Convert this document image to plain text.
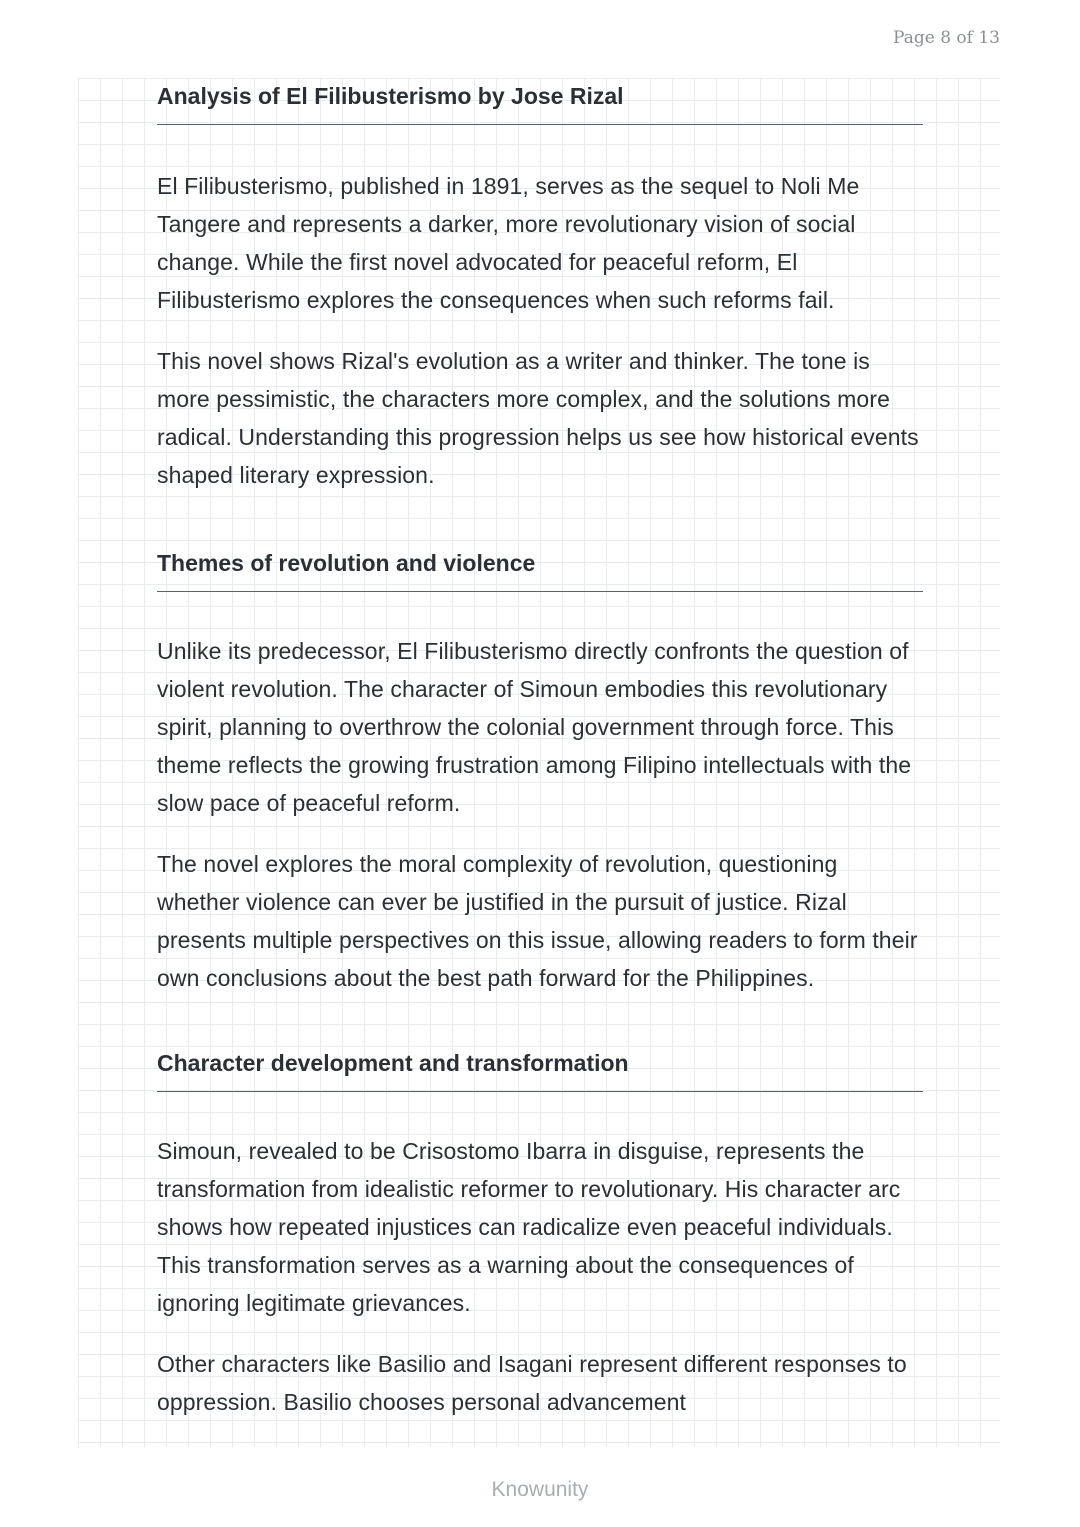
Page 8 of 13

Analysis of El Filibusterismo by Jose Rizal

El Filibusterismo, published in 1891, serves as the sequel to Noli Me Tangere and represents a darker, more revolutionary vision of social change. While the first novel advocated for peaceful reform, El Filibusterismo explores the consequences when such reforms fail.

This novel shows Rizal's evolution as a writer and thinker. The tone is more pessimistic, the characters more complex, and the solutions more radical. Understanding this progression helps us see how historical events shaped literary expression.

Themes of revolution and violence

Unlike its predecessor, El Filibusterismo directly confronts the question of violent revolution. The character of Simoun embodies this revolutionary spirit, planning to overthrow the colonial government through force. This theme reflects the growing frustration among Filipino intellectuals with the slow pace of peaceful reform.

The novel explores the moral complexity of revolution, questioning whether violence can ever be justified in the pursuit of justice. Rizal presents multiple perspectives on this issue, allowing readers to form their own conclusions about the best path forward for the Philippines.

Character development and transformation

Simoun, revealed to be Crisostomo Ibarra in disguise, represents the transformation from idealistic reformer to revolutionary. His character arc shows how repeated injustices can radicalize even peaceful individuals. This transformation serves as a warning about the consequences of ignoring legitimate grievances.

Other characters like Basilio and Isagani represent different responses to oppression. Basilio chooses personal advancement

Knowunity
